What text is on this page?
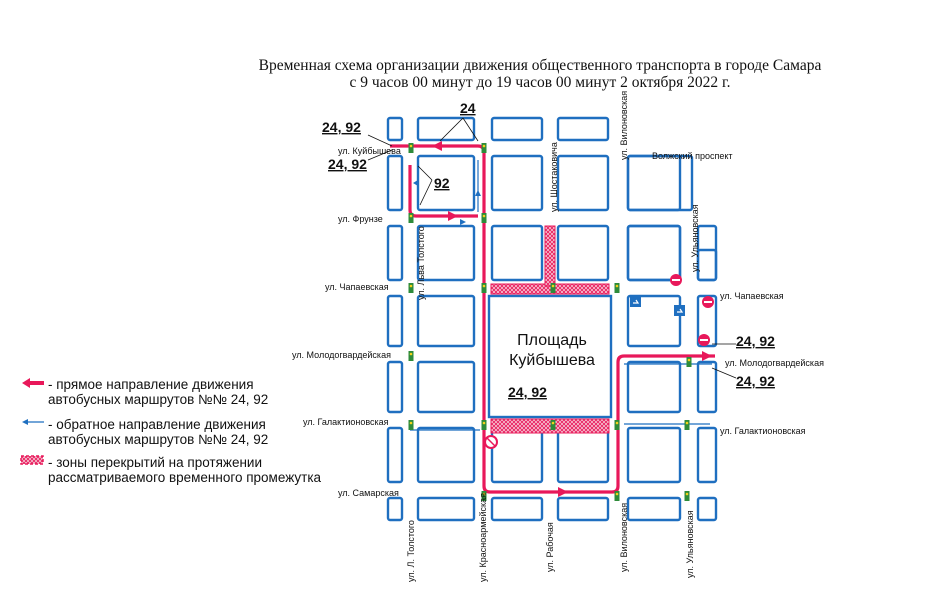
Временная схема организации движения общественного транспорта в городе Самара
с 9 часов 00 минут до 19 часов 00 минут 2 октября 2022 г.
Площадь
Куйбышева
24, 92
24, 92
24
92
24, 92
24, 92
24, 92
ул. Куйбышева
ул. Фрунзе
ул. Чапаевская
ул. Чапаевская
ул. Молодогвардейская
ул. Молодогвардейская
ул. Галактионовская
ул. Галактионовская
ул. Самарская
Волжский проспект
ул. Льва Толстого
ул. Л. Толстого	ул. Красноармейская
ул. Шостаковича
ул. Рабочая
ул. Вилоновская
ул. Вилоновская
ул. Ульяновская
ул. Ульяновская
- прямое направление движения
автобусных маршрутов №№ 24, 92
- обратное направление движения
автобусных маршрутов №№ 24, 92
- зоны перекрытий на протяжении
рассматриваемого временного промежутка
